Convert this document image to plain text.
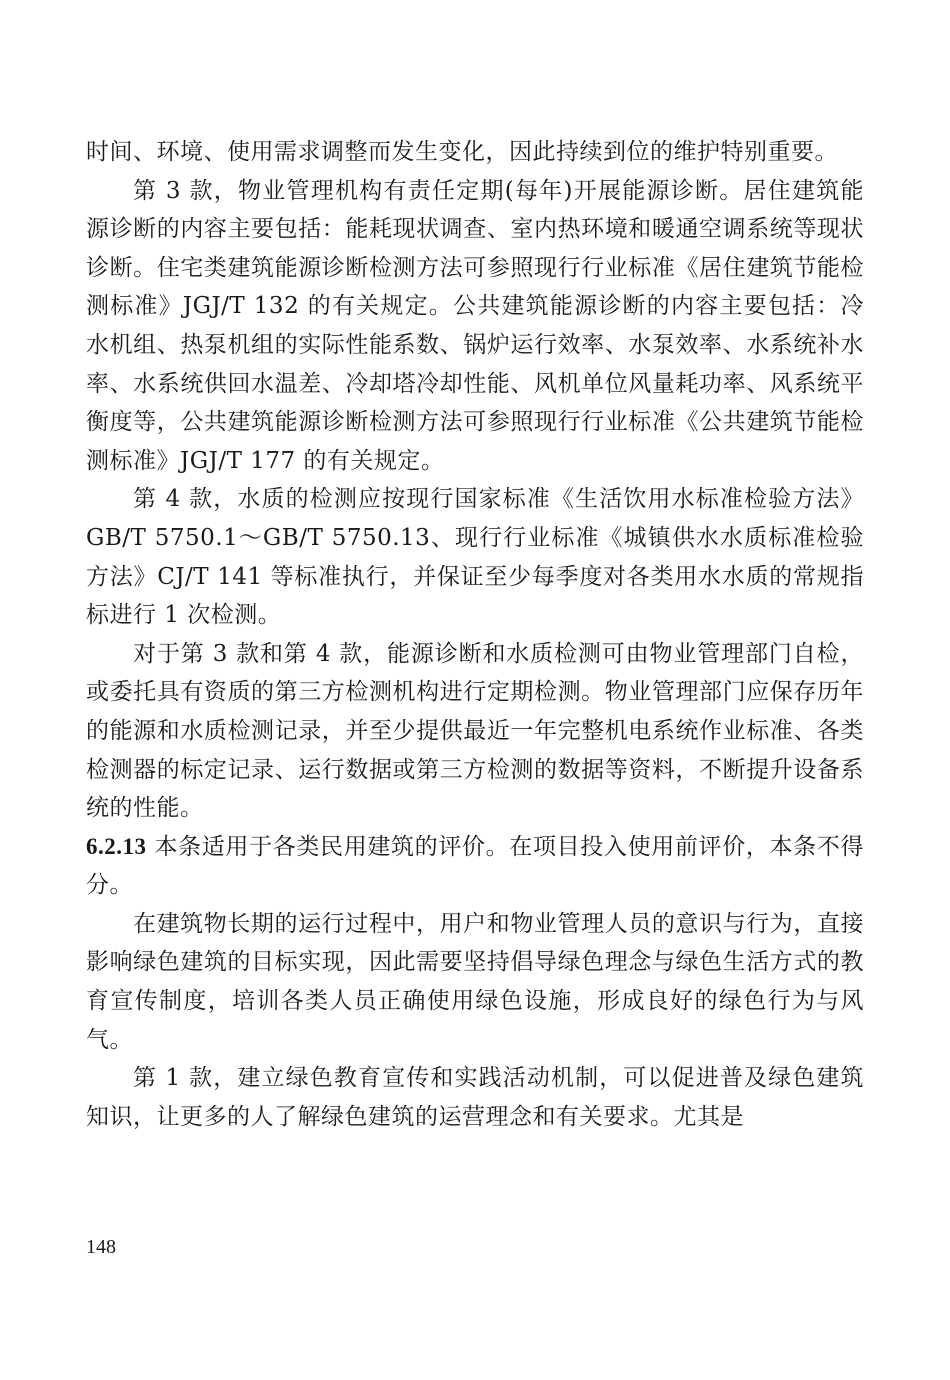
时间、环境、使用需求调整而发生变化，因此持续到位的维护特别重要。

第 3 款，物业管理机构有责任定期(每年)开展能源诊断。居住建筑能源诊断的内容主要包括：能耗现状调查、室内热环境和暖通空调系统等现状诊断。住宅类建筑能源诊断检测方法可参照现行行业标准《居住建筑节能检测标准》JGJ/T 132 的有关规定。公共建筑能源诊断的内容主要包括：冷水机组、热泵机组的实际性能系数、锅炉运行效率、水泵效率、水系统补水率、水系统供回水温差、冷却塔冷却性能、风机单位风量耗功率、风系统平衡度等，公共建筑能源诊断检测方法可参照现行行业标准《公共建筑节能检测标准》JGJ/T 177 的有关规定。

第 4 款，水质的检测应按现行国家标准《生活饮用水标准检验方法》GB/T 5750.1～GB/T 5750.13、现行行业标准《城镇供水水质标准检验方法》CJ/T 141 等标准执行，并保证至少每季度对各类用水水质的常规指标进行 1 次检测。

对于第 3 款和第 4 款，能源诊断和水质检测可由物业管理部门自检，或委托具有资质的第三方检测机构进行定期检测。物业管理部门应保存历年的能源和水质检测记录，并至少提供最近一年完整机电系统作业标准、各类检测器的标定记录、运行数据或第三方检测的数据等资料，不断提升设备系统的性能。

6.2.13 本条适用于各类民用建筑的评价。在项目投入使用前评价，本条不得分。

在建筑物长期的运行过程中，用户和物业管理人员的意识与行为，直接影响绿色建筑的目标实现，因此需要坚持倡导绿色理念与绿色生活方式的教育宣传制度，培训各类人员正确使用绿色设施，形成良好的绿色行为与风气。

第 1 款，建立绿色教育宣传和实践活动机制，可以促进普及绿色建筑知识，让更多的人了解绿色建筑的运营理念和有关要求。尤其是

148
